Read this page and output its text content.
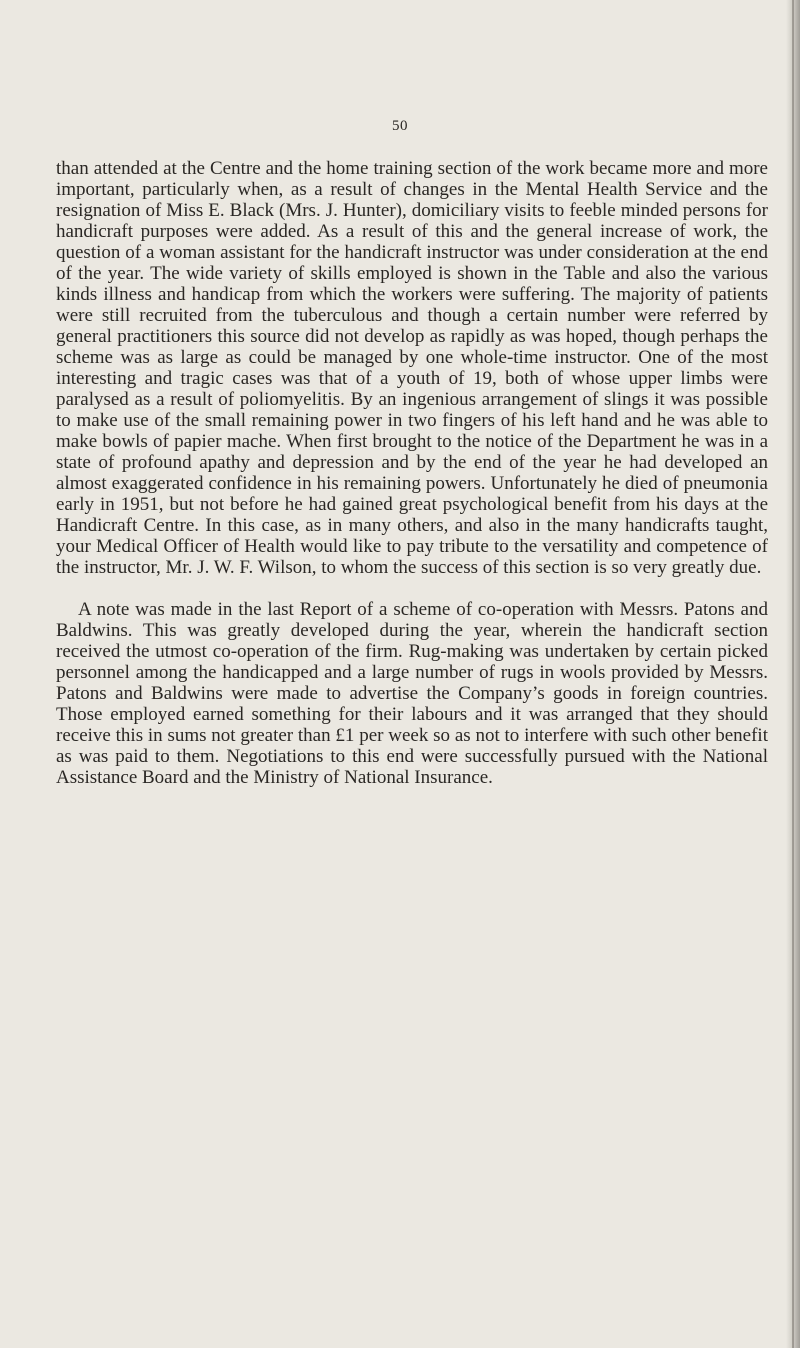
50

than attended at the Centre and the home training section of the work became more and more important, particularly when, as a result of changes in the Mental Health Service and the resignation of Miss E. Black (Mrs. J. Hunter), domiciliary visits to feeble minded persons for handicraft purposes were added. As a result of this and the general increase of work, the question of a woman assistant for the handicraft instructor was under consideration at the end of the year. The wide variety of skills employed is shown in the Table and also the various kinds illness and handicap from which the workers were suffering. The majority of patients were still recruited from the tuberculous and though a certain number were referred by general practitioners this source did not develop as rapidly as was hoped, though perhaps the scheme was as large as could be managed by one whole-time instructor. One of the most interesting and tragic cases was that of a youth of 19, both of whose upper limbs were paralysed as a result of poliomyelitis. By an ingenious arrangement of slings it was possible to make use of the small remaining power in two fingers of his left hand and he was able to make bowls of papier mache. When first brought to the notice of the Department he was in a state of profound apathy and depression and by the end of the year he had developed an almost exaggerated confidence in his remaining powers. Unfortunately he died of pneumonia early in 1951, but not before he had gained great psychological benefit from his days at the Handicraft Centre. In this case, as in many others, and also in the many handicrafts taught, your Medical Officer of Health would like to pay tribute to the versatility and competence of the instructor, Mr. J. W. F. Wilson, to whom the success of this section is so very greatly due.

A note was made in the last Report of a scheme of co-operation with Messrs. Patons and Baldwins. This was greatly developed during the year, wherein the handicraft section received the utmost co-operation of the firm. Rug-making was undertaken by certain picked personnel among the handicapped and a large number of rugs in wools provided by Messrs. Patons and Baldwins were made to advertise the Company’s goods in foreign countries. Those employed earned something for their labours and it was arranged that they should receive this in sums not greater than £1 per week so as not to interfere with such other benefit as was paid to them. Negotiations to this end were successfully pursued with the National Assistance Board and the Ministry of National Insurance.
